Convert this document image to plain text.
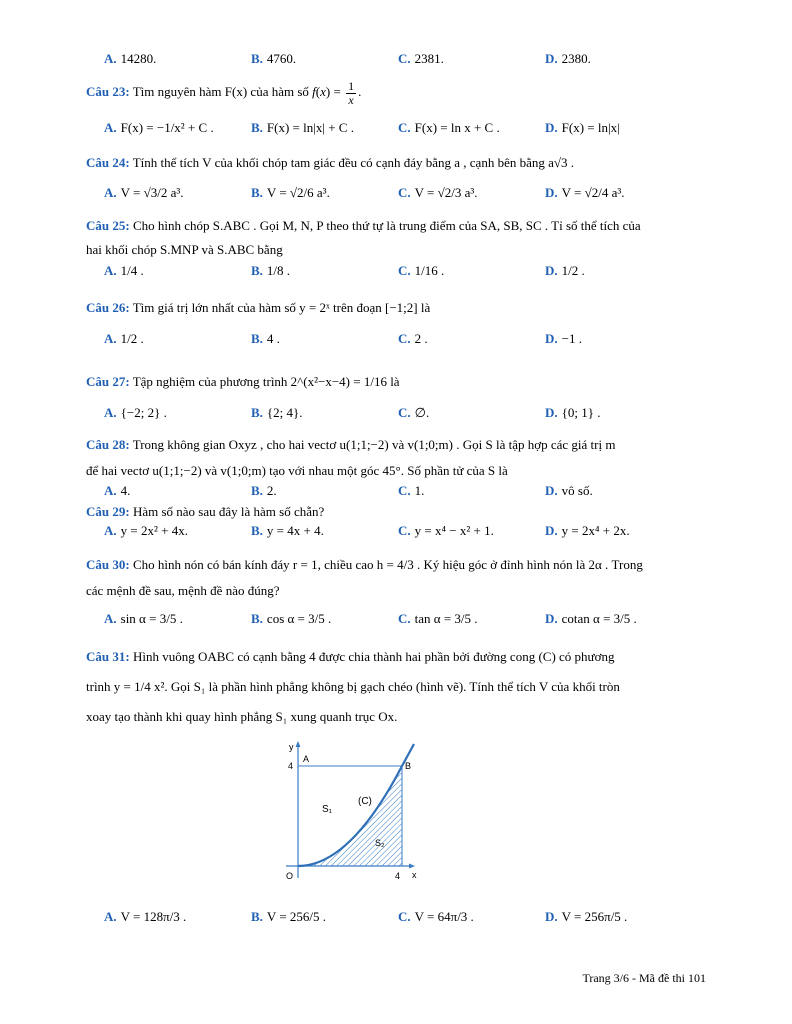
A. 14280.	B. 4760.	C. 2381.	D. 2380.
Câu 23: Tìm nguyên hàm F(x) của hàm số $f(x) = \frac{1}{x}$ .
A. F(x) = −1/x² + C .	B. F(x) = ln|x| + C .	C. F(x) = ln x + C .	D. F(x) = ln|x|
Câu 24: Tính thể tích V của khối chóp tam giác đều có cạnh đáy bằng a , cạnh bên bằng a√3 .
A. V = √3/2 a³.	B. V = √2/6 a³.	C. V = √2/3 a³.	D. V = √2/4 a³.
Câu 25: Cho hình chóp S.ABC . Gọi M, N, P theo thứ tự là trung điểm của SA, SB, SC . Tỉ số thể tích của
hai khối chóp S.MNP và S.ABC bằng
A. 1/4 .	B. 1/8 .	C. 1/16 .	D. 1/2 .
Câu 26: Tìm giá trị lớn nhất của hàm số y = 2ˣ trên đoạn [−1;2] là
A. 1/2 .	B. 4 .	C. 2 .	D. −1 .
Câu 27: Tập nghiệm của phương trình 2^(x²−x−4) = 1/16 là
A. {−2; 2} .	B. {2; 4}.	C. ∅.	D. {0; 1} .
Câu 28: Trong không gian Oxyz , cho hai vectơ u(1;1;−2) và v(1;0;m) . Gọi S là tập hợp các giá trị m
để hai vectơ u(1;1;−2) và v(1;0;m) tạo với nhau một góc 45°. Số phần tử của S là
A. 4.	B. 2.	C. 1.	D. vô số.
Câu 29: Hàm số nào sau đây là hàm số chẵn?
A. y = 2x² + 4x.	B. y = 4x + 4.	C. y = x⁴ − x² + 1.	D. y = 2x⁴ + 2x.
Câu 30: Cho hình nón có bán kính đáy r = 1, chiều cao h = 4/3 . Ký hiệu góc ở đỉnh hình nón là 2α . Trong
các mệnh đề sau, mệnh đề nào đúng?
A. sin α = 3/5 .	B. cos α = 3/5 .	C. tan α = 3/5 .	D. cotan α = 3/5 .
Câu 31: Hình vuông OABC có cạnh bằng 4 được chia thành hai phần bởi đường cong (C) có phương
trình y = 1/4 x². Gọi S₁ là phần hình phẳng không bị gạch chéo (hình vẽ). Tính thể tích V của khối tròn
xoay tạo thành khi quay hình phẳng S₁ xung quanh trục Ox.
y
x
A
B
O
4
4
S₁
S₂
(C)
A. V = 128π/3 .	B. V = 256/5 .	C. V = 64π/3 .	D. V = 256π/5 .
Trang 3/6 - Mã đề thi 101
